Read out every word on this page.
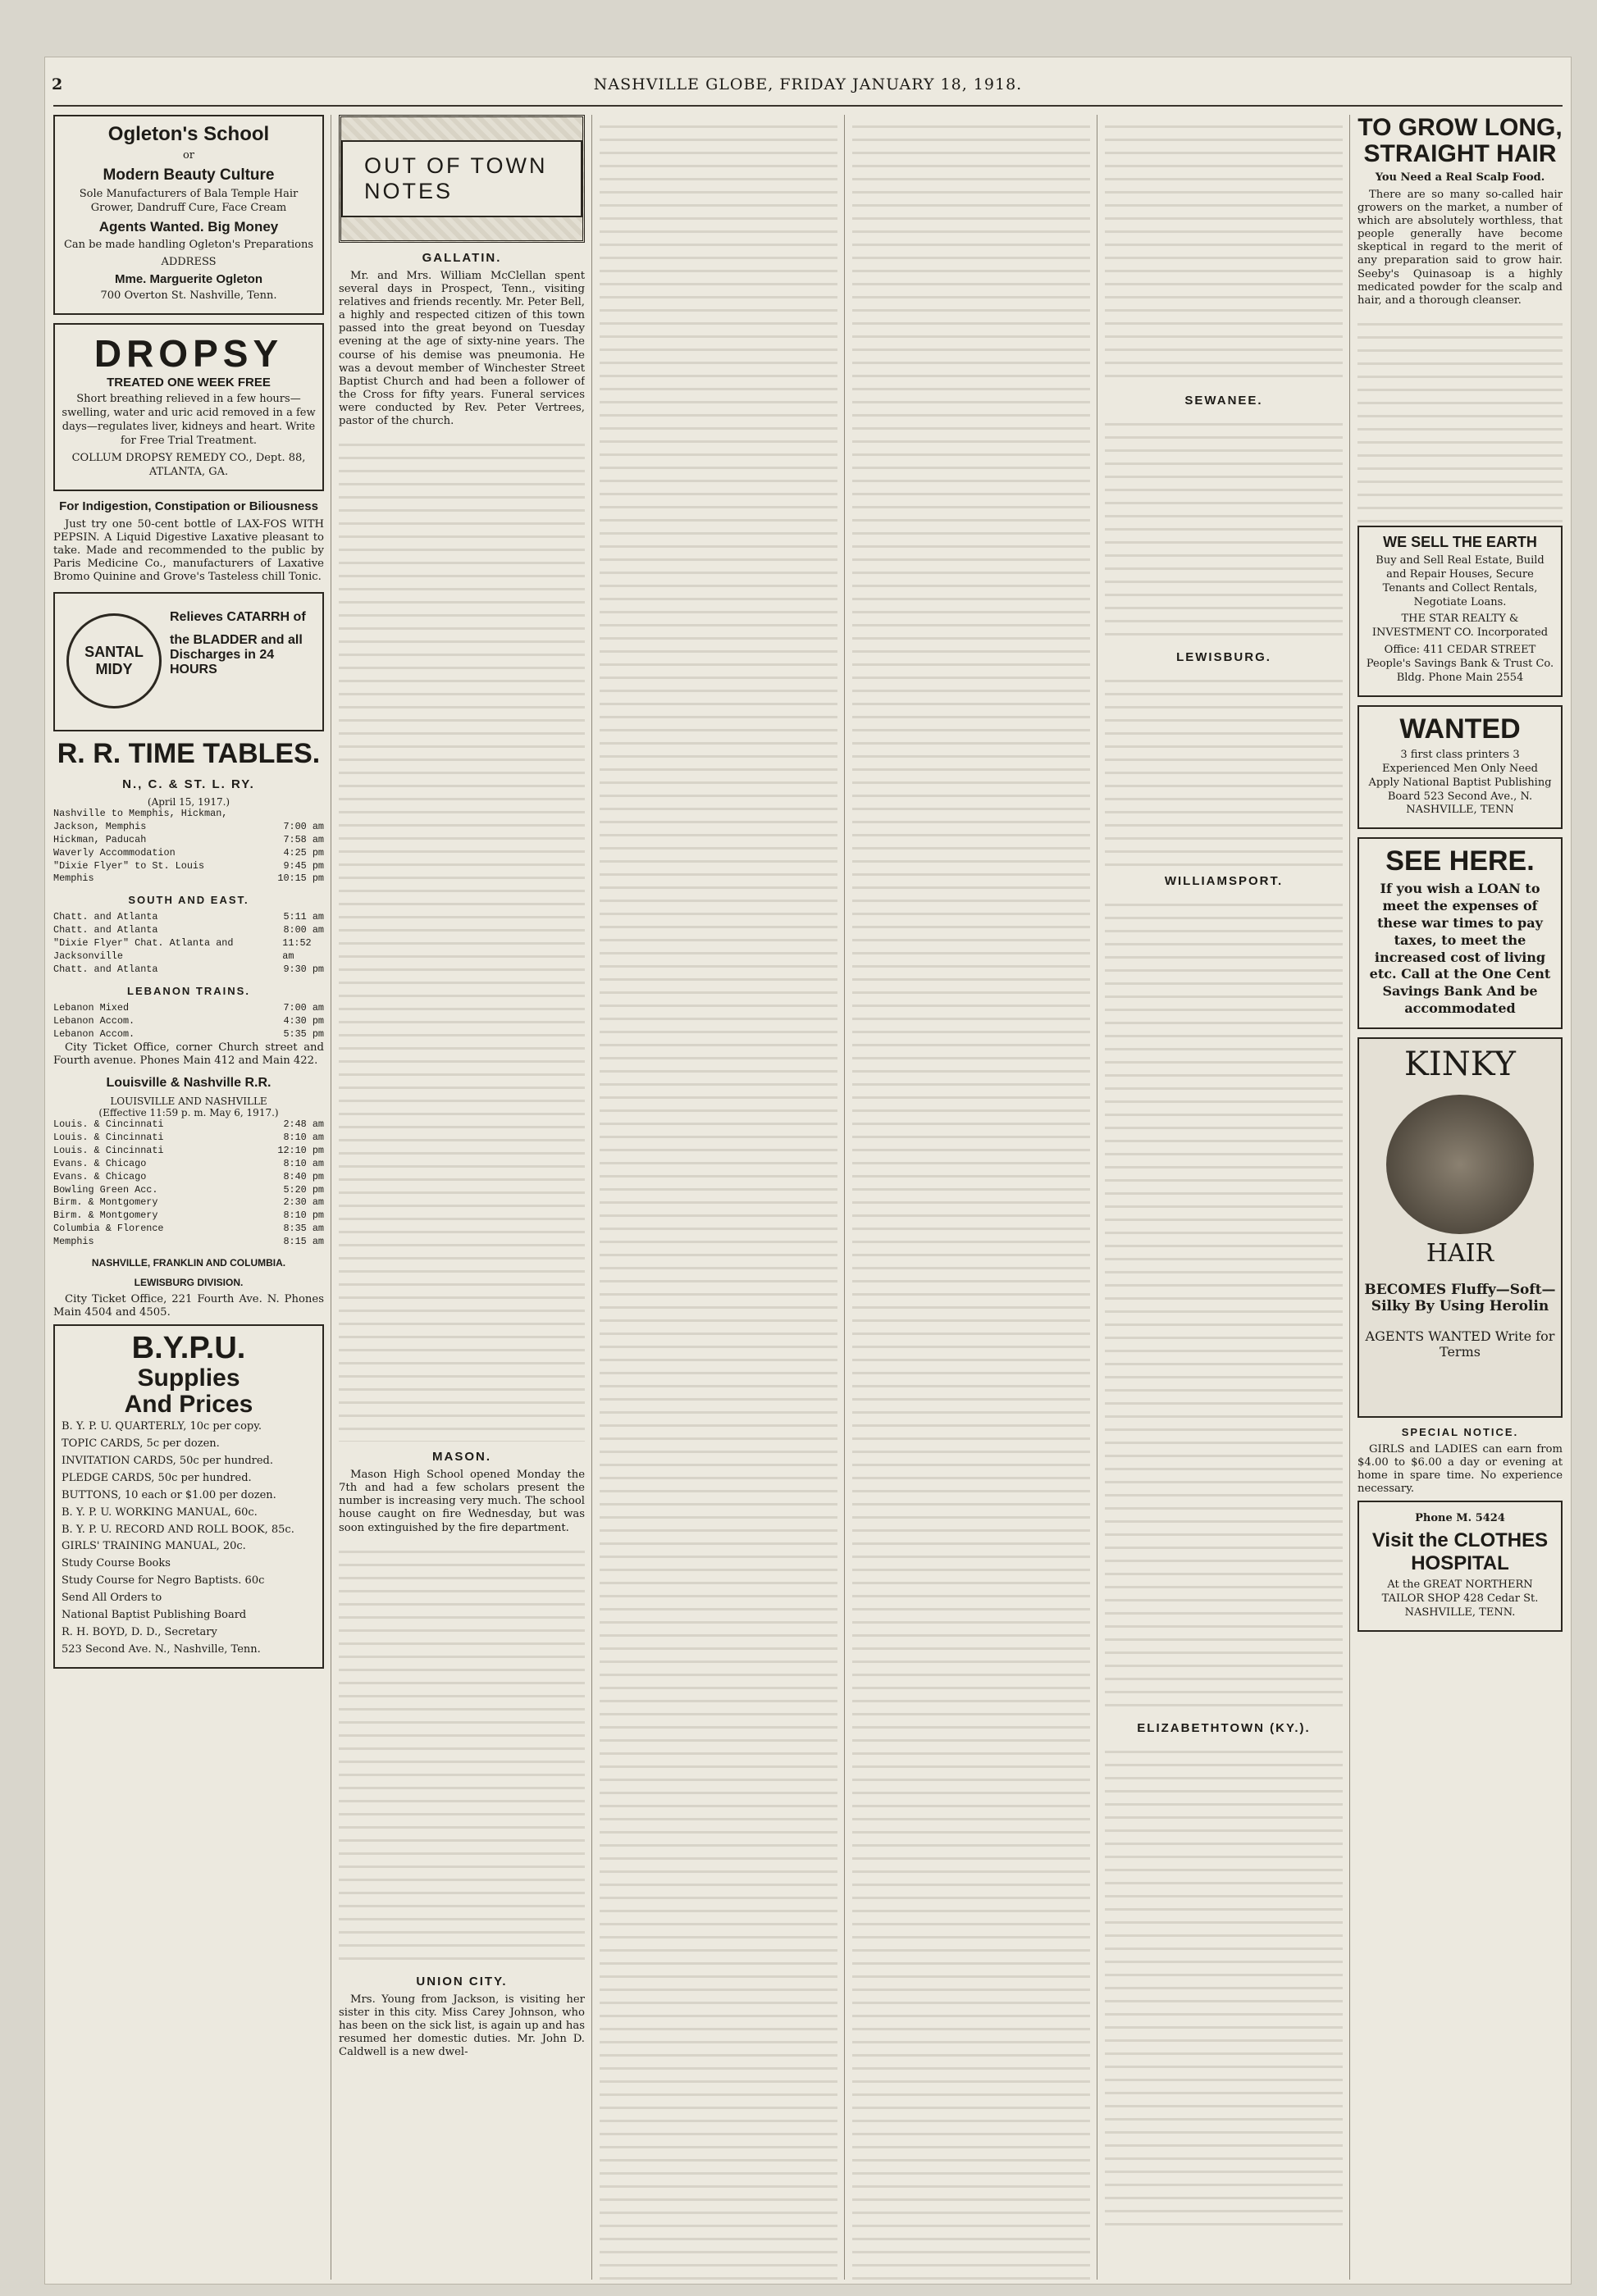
2	NASHVILLE GLOBE, FRIDAY JANUARY 18, 1918.
Ogleton's School

or

Modern Beauty Culture

Sole Manufacturers of Bala Temple Hair Grower, Dandruff Cure, Face Cream

Agents Wanted. Big Money

Can be made handling Ogleton's Preparations

ADDRESS

Mme. Marguerite Ogleton

700 Overton St. Nashville, Tenn.

DROPSY
TREATED ONE WEEK FREE

Short breathing relieved in a few hours—swelling, water and uric acid removed in a few days—regulates liver, kidneys and heart. Write for Free Trial Treatment.

COLLUM DROPSY REMEDY CO., Dept. 88, ATLANTA, GA.

For Indigestion, Constipation or Biliousness

Just try one 50-cent bottle of LAX-FOS WITH PEPSIN. A Liquid Digestive Laxative pleasant to take. Made and recommended to the public by Paris Medicine Co., manufacturers of Laxative Bromo Quinine and Grove's Tasteless chill Tonic.

SANTAL MIDY
Relieves CATARRH of
the BLADDER and all Discharges in 24 HOURS
R. R. TIME TABLES.
N., C. & ST. L. RY.
(April 15, 1917.)
Nashville to Memphis, Hickman,
Jackson, Memphis	7:00 am
Hickman, Paducah	7:58 am
Waverly Accommodation	4:25 pm
"Dixie Flyer" to St. Louis	9:45 pm
Memphis	10:15 pm
SOUTH AND EAST.
Chatt. and Atlanta	5:11 am
Chatt. and Atlanta	8:00 am
"Dixie Flyer" Chat. Atlanta and Jacksonville
11:52 am
Chatt. and Atlanta	9:30 pm
LEBANON TRAINS.
Lebanon Mixed	7:00 am
Lebanon Accom.	4:30 pm
Lebanon Accom.	5:35 pm

City Ticket Office, corner Church street and Fourth avenue. Phones Main 412 and Main 422.

Louisville & Nashville R.R.
LOUISVILLE AND NASHVILLE
(Effective 11:59 p. m. May 6, 1917.)
Louis. & Cincinnati	2:48 am
Louis. & Cincinnati	8:10 am
Louis. & Cincinnati	12:10 pm
Evans. & Chicago	8:10 am
Evans. & Chicago	8:40 pm
Bowling Green Acc.	5:20 pm
Birm. & Montgomery	2:30 am
Birm. & Montgomery	8:10 pm
Columbia & Florence	8:35 am
Memphis	8:15 am
NASHVILLE, FRANKLIN AND COLUMBIA.
LEWISBURG DIVISION.

City Ticket Office, 221 Fourth Ave. N. Phones Main 4504 and 4505.

B.Y.P.U.
Supplies
And Prices

B. Y. P. U. QUARTERLY, 10c per copy.

TOPIC CARDS, 5c per dozen.

INVITATION CARDS, 50c per hundred.

PLEDGE CARDS, 50c per hundred.

BUTTONS, 10 each or $1.00 per dozen.

B. Y. P. U. WORKING MANUAL, 60c.

B. Y. P. U. RECORD AND ROLL BOOK, 85c.

GIRLS' TRAINING MANUAL, 20c.

Study Course Books

Study Course for Negro Baptists. 60c

Send All Orders to

National Baptist Publishing Board

R. H. BOYD, D. D., Secretary

523 Second Ave. N., Nashville, Tenn.

OUT OF TOWN NOTES
GALLATIN.

Mr. and Mrs. William McClellan spent several days in Prospect, Tenn., visiting relatives and friends recently. Mr. Peter Bell, a highly and respected citizen of this town passed into the great beyond on Tuesday evening at the age of sixty-nine years. The course of his demise was pneumonia. He was a devout member of Winchester Street Baptist Church and had been a follower of the Cross for fifty years. Funeral services were conducted by Rev. Peter Vertrees, pastor of the church.

MASON.

Mason High School opened Monday the 7th and had a few scholars present the number is increasing very much. The school house caught on fire Wednesday, but was soon extinguished by the fire department.

UNION CITY.

Mrs. Young from Jackson, is visiting her sister in this city. Miss Carey Johnson, who has been on the sick list, is again up and has resumed her domestic duties. Mr. John D. Caldwell is a new dwel-

SEWANEE.
LEWISBURG.
WILLIAMSPORT.
ELIZABETHTOWN (KY.).
TO GROW LONG, STRAIGHT HAIR
You Need a Real Scalp Food.

There are so many so-called hair growers on the market, a number of which are absolutely worthless, that people generally have become skeptical in regard to the merit of any preparation said to grow hair. Seeby's Quinasoap is a highly medicated powder for the scalp and hair, and a thorough cleanser.

WE SELL THE EARTH

Buy and Sell Real Estate, Build and Repair Houses, Secure Tenants and Collect Rentals, Negotiate Loans.

THE STAR REALTY & INVESTMENT CO. Incorporated

Office: 411 CEDAR STREET People's Savings Bank & Trust Co. Bldg. Phone Main 2554

WANTED

3 first class printers 3 Experienced Men Only Need Apply National Baptist Publishing Board 523 Second Ave., N. NASHVILLE, TENN

SEE HERE.

If you wish a LOAN to meet the expenses of these war times to pay taxes, to meet the increased cost of living etc. Call at the One Cent Savings Bank And be accommodated

KINKY
HAIR

BECOMES Fluffy—Soft—Silky By Using Herolin

AGENTS WANTED Write for Terms

SPECIAL NOTICE.

GIRLS and LADIES can earn from $4.00 to $6.00 a day or evening at home in spare time. No experience necessary.

Phone M. 5424

Visit the CLOTHES HOSPITAL

At the GREAT NORTHERN TAILOR SHOP 428 Cedar St. NASHVILLE, TENN.
